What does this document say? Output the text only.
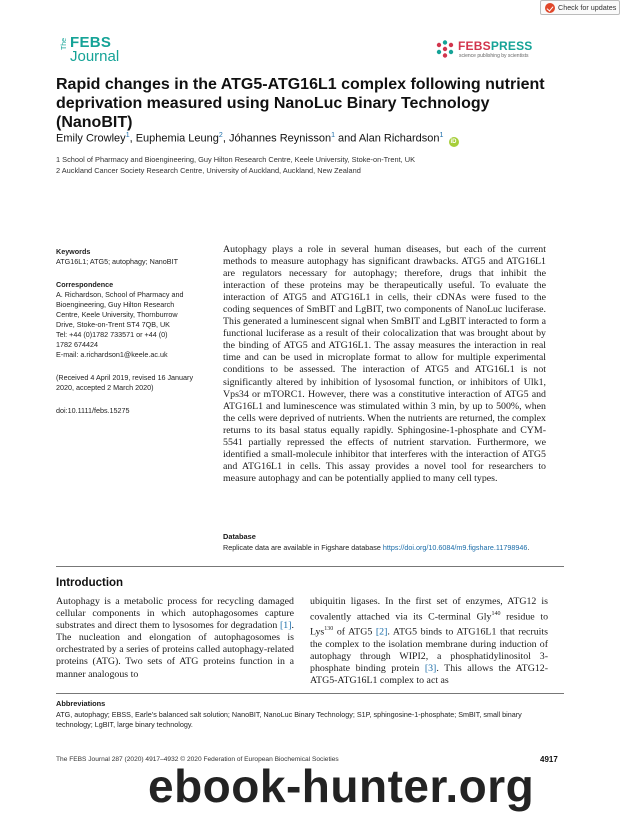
Check for updates
The FEBS
Journal
FEBSPRESS
science publishing by scientists
Rapid changes in the ATG5-ATG16L1 complex following nutrient deprivation measured using NanoLuc Binary Technology (NanoBIT)
Emily Crowley$^1$, Euphemia Leung$^2$, Jóhannes Reynisson$^1$ and Alan Richardson$^1$ iD
1 School of Pharmacy and Bioengineering, Guy Hilton Research Centre, Keele University, Stoke-on-Trent, UK
2 Auckland Cancer Society Research Centre, University of Auckland, Auckland, New Zealand
Keywords
ATG16L1; ATG5; autophagy; NanoBIT
Correspondence
A. Richardson, School of Pharmacy and
Bioengineering, Guy Hilton Research
Centre, Keele University, Thornburrow
Drive, Stoke-on-Trent ST4 7QB, UK
Tel: +44 (0)1782 733571 or +44 (0)
1782 674424
E-mail: a.richardson1@keele.ac.uk
(Received 4 April 2019, revised 16 January
2020, accepted 2 March 2020)
doi:10.1111/febs.15275

Autophagy plays a role in several human diseases, but each of the current methods to measure autophagy has significant drawbacks. ATG5 and ATG16L1 are regulators necessary for autophagy; therefore, drugs that inhibit the interaction of these proteins may be therapeutically useful. To evaluate the interaction of ATG5 and ATG16L1 in cells, their cDNAs were fused to the coding sequences of SmBIT and LgBIT, two components of NanoLuc luciferase. This generated a luminescent signal when SmBIT and LgBIT interacted to form a functional luciferase as a result of their colocalization that was brought about by the binding of ATG5 and ATG16L1. The assay measures the interaction in real time and can be used in microplate format to allow for multiple experimental conditions to be assessed. The interaction of ATG5 and ATG16L1 is not significantly altered by inhibition of lysosomal function, or inhibitors of Ulk1, Vps34 or mTORC1. However, there was a constitutive interaction of ATG5 and ATG16L1 and luminescence was stimulated within 3 min, by up to 500%, when the cells were deprived of nutrients. When the nutrients are returned, the complex returns to its basal status equally rapidly. Sphingosine-1-phosphate and CYM-5541 partially repressed the effects of nutrient starvation. Furthermore, we identified a small-molecule inhibitor that interferes with the interaction of ATG5 and ATG16L1 in cells. This assay provides a novel tool for researchers to measure autophagy and can be potentially applied to many cell types.

Database
Replicate data are available in Figshare database https://doi.org/10.6084/m9.figshare.11798946.
Introduction

Autophagy is a metabolic process for recycling damaged cellular components in which autophagosomes capture substrates and direct them to lysosomes for degradation [1]. The nucleation and elongation of autophagosomes is orchestrated by a series of proteins called autophagy-related proteins (ATG). Two sets of ATG proteins function in a manner analogous to

ubiquitin ligases. In the first set of enzymes, ATG12 is covalently attached via its C-terminal Gly$^{140}$ residue to Lys$^{130}$ of ATG5 [2]. ATG5 binds to ATG16L1 that recruits the complex to the isolation membrane during induction of autophagy through WIPI2, a phosphatidylinositol 3-phosphate binding protein [3]. This allows the ATG12-ATG5-ATG16L1 complex to act as

Abbreviations
ATG, autophagy; EBSS, Earle’s balanced salt solution; NanoBIT, NanoLuc Binary Technology; S1P, sphingosine-1-phosphate; SmBIT, small binary technology; LgBIT, large binary technology.
The FEBS Journal 287 (2020) 4917–4932 © 2020 Federation of European Biochemical Societies	4917
ebook-hunter.org
